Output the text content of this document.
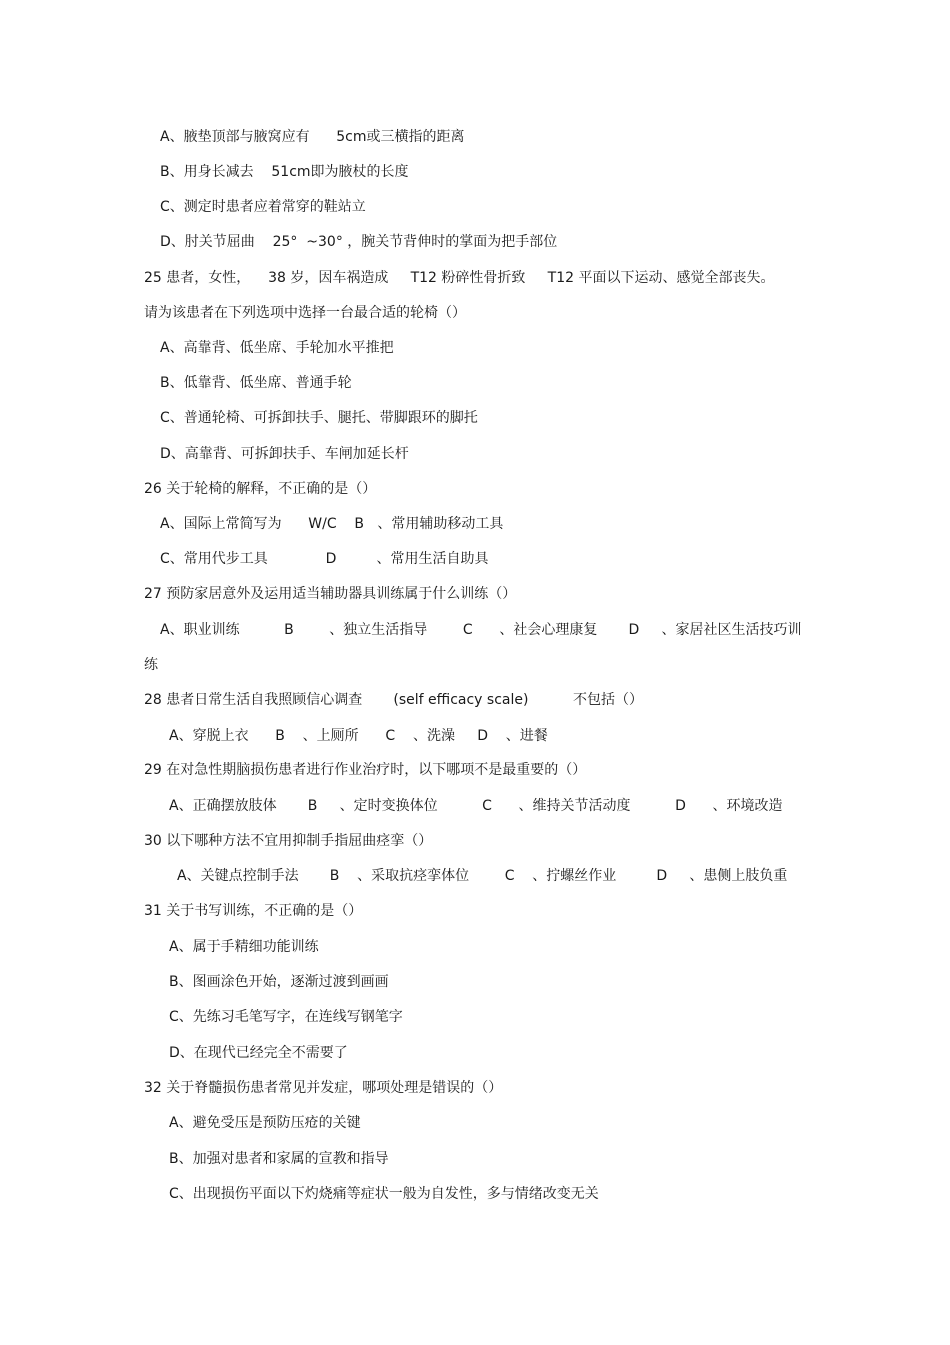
A、腋垫顶部与腋窝应有      5cm或三横指的距离
B、用身长减去    51cm即为腋杖的长度
C、测定时患者应着常穿的鞋站立
D、肘关节屈曲    25°  ~30° ，腕关节背伸时的掌面为把手部位
25 患者，女性，    38 岁，因车祸造成     T12 粉碎性骨折致     T12 平面以下运动、感觉全部丧失。
请为该患者在下列选项中选择一台最合适的轮椅（）
A、高靠背、低坐席、手轮加水平推把
B、低靠背、低坐席、普通手轮
C、普通轮椅、可拆卸扶手、腿托、带脚跟环的脚托
D、高靠背、可拆卸扶手、车闸加延长杆
26 关于轮椅的解释，不正确的是（）
A、国际上常简写为      W/C    B   、常用辅助移动工具
C、常用代步工具             D         、常用生活自助具
27 预防家居意外及运用适当辅助器具训练属于什么训练（）
A、职业训练          B        、独立生活指导        C      、社会心理康复       D     、家居社区生活技巧训
练
28 患者日常生活自我照顾信心调查       (self efficacy scale)          不包括（）
A、穿脱上衣      B    、上厕所      C    、洗澡     D    、进餐
29 在对急性期脑损伤患者进行作业治疗时，以下哪项不是最重要的（）
A、正确摆放肢体       B     、定时变换体位          C      、维持关节活动度          D      、环境改造
30 以下哪种方法不宜用抑制手指屈曲痉挛（）
A、关键点控制手法       B    、采取抗痉挛体位        C    、拧螺丝作业         D     、患侧上肢负重
31 关于书写训练，不正确的是（）
A、属于手精细功能训练
B、图画涂色开始，逐渐过渡到画画
C、先练习毛笔写字，在连线写钢笔字
D、在现代已经完全不需要了
32 关于脊髓损伤患者常见并发症，哪项处理是错误的（）
A、避免受压是预防压疮的关键
B、加强对患者和家属的宣教和指导
C、出现损伤平面以下灼烧痛等症状一般为自发性，多与情绪改变无关
